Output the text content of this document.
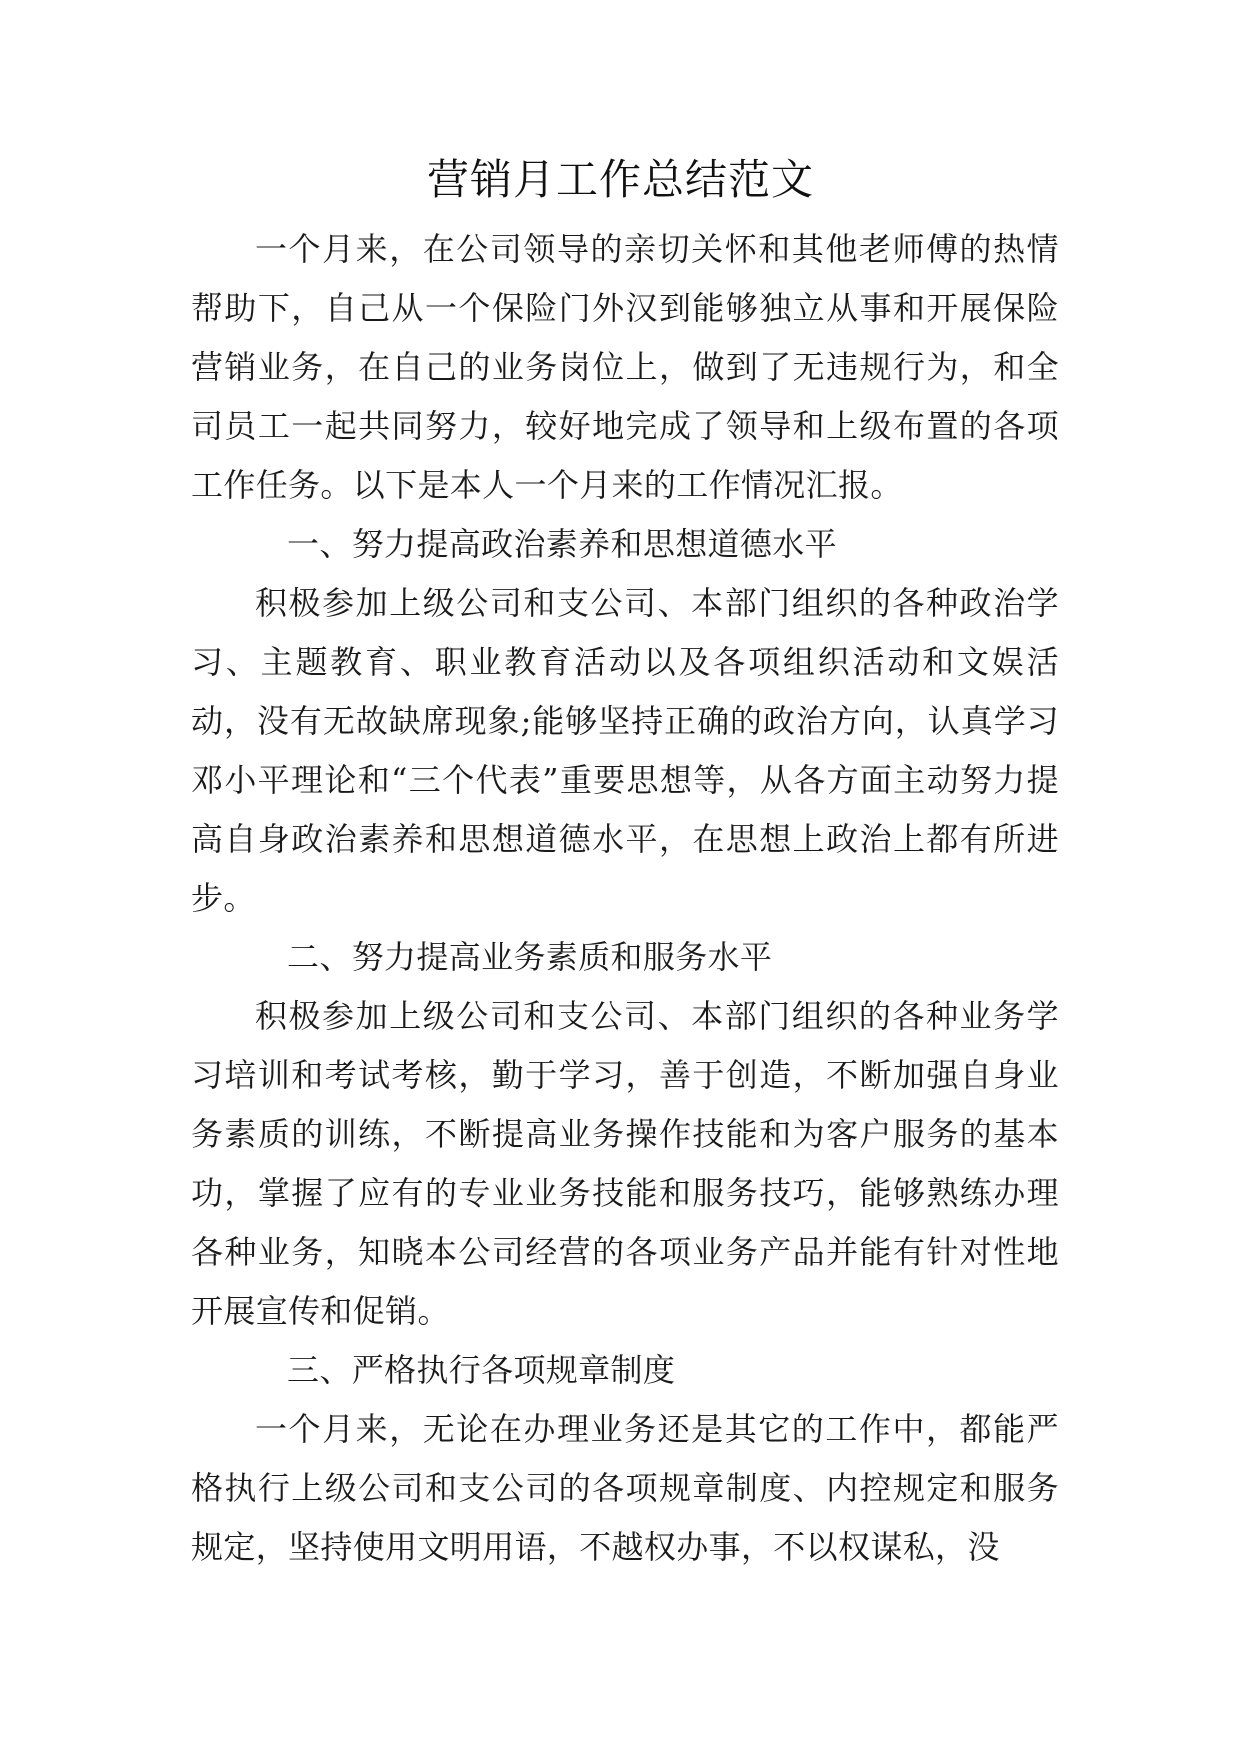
营销月工作总结范文

一个月来，在公司领导的亲切关怀和其他老师傅的热情帮助下，自己从一个保险门外汉到能够独立从事和开展保险营销业务，在自己的业务岗位上，做到了无违规行为，和全司员工一起共同努力，较好地完成了领导和上级布置的各项工作任务。以下是本人一个月来的工作情况汇报。

一、努力提高政治素养和思想道德水平

积极参加上级公司和支公司、本部门组织的各种政治学习、主题教育、职业教育活动以及各项组织活动和文娱活动，没有无故缺席现象;能够坚持正确的政治方向，认真学习邓小平理论和“三个代表”重要思想等，从各方面主动努力提高自身政治素养和思想道德水平，在思想上政治上都有所进步。

二、努力提高业务素质和服务水平

积极参加上级公司和支公司、本部门组织的各种业务学习培训和考试考核，勤于学习，善于创造，不断加强自身业务素质的训练，不断提高业务操作技能和为客户服务的基本功，掌握了应有的专业业务技能和服务技巧，能够熟练办理各种业务，知晓本公司经营的各项业务产品并能有针对性地开展宣传和促销。

三、严格执行各项规章制度

一个月来，无论在办理业务还是其它的工作中，都能严格执行上级公司和支公司的各项规章制度、内控规定和服务规定，坚持使用文明用语，不越权办事，不以权谋私，没
